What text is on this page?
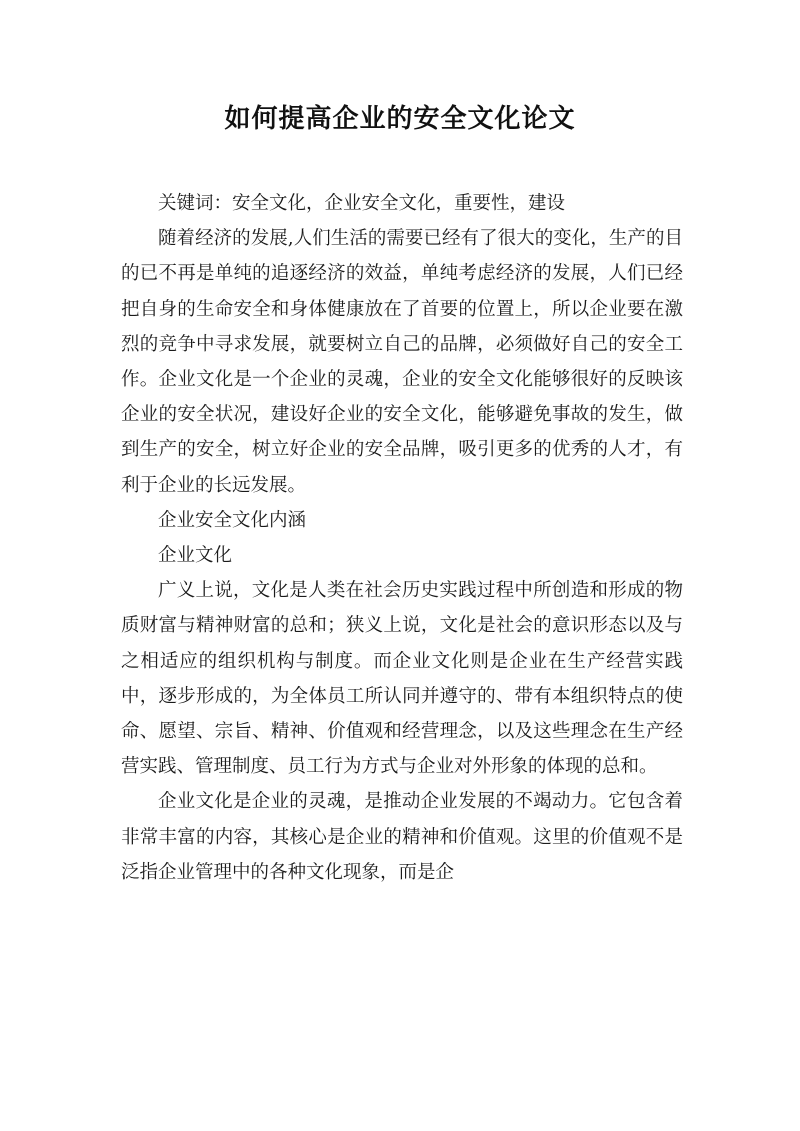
如何提高企业的安全文化论文

关键词：安全文化，企业安全文化，重要性，建设

随着经济的发展,人们生活的需要已经有了很大的变化，生产的目的已不再是单纯的追逐经济的效益，单纯考虑经济的发展，人们已经把自身的生命安全和身体健康放在了首要的位置上，所以企业要在激烈的竞争中寻求发展，就要树立自己的品牌，必须做好自己的安全工作。企业文化是一个企业的灵魂，企业的安全文化能够很好的反映该企业的安全状况，建设好企业的安全文化，能够避免事故的发生，做到生产的安全，树立好企业的安全品牌，吸引更多的优秀的人才，有利于企业的长远发展。

企业安全文化内涵

企业文化

广义上说，文化是人类在社会历史实践过程中所创造和形成的物质财富与精神财富的总和；狭义上说，文化是社会的意识形态以及与之相适应的组织机构与制度。而企业文化则是企业在生产经营实践中，逐步形成的，为全体员工所认同并遵守的、带有本组织特点的使命、愿望、宗旨、精神、价值观和经营理念，以及这些理念在生产经营实践、管理制度、员工行为方式与企业对外形象的体现的总和。

企业文化是企业的灵魂，是推动企业发展的不竭动力。它包含着非常丰富的内容，其核心是企业的精神和价值观。这里的价值观不是泛指企业管理中的各种文化现象，而是企
